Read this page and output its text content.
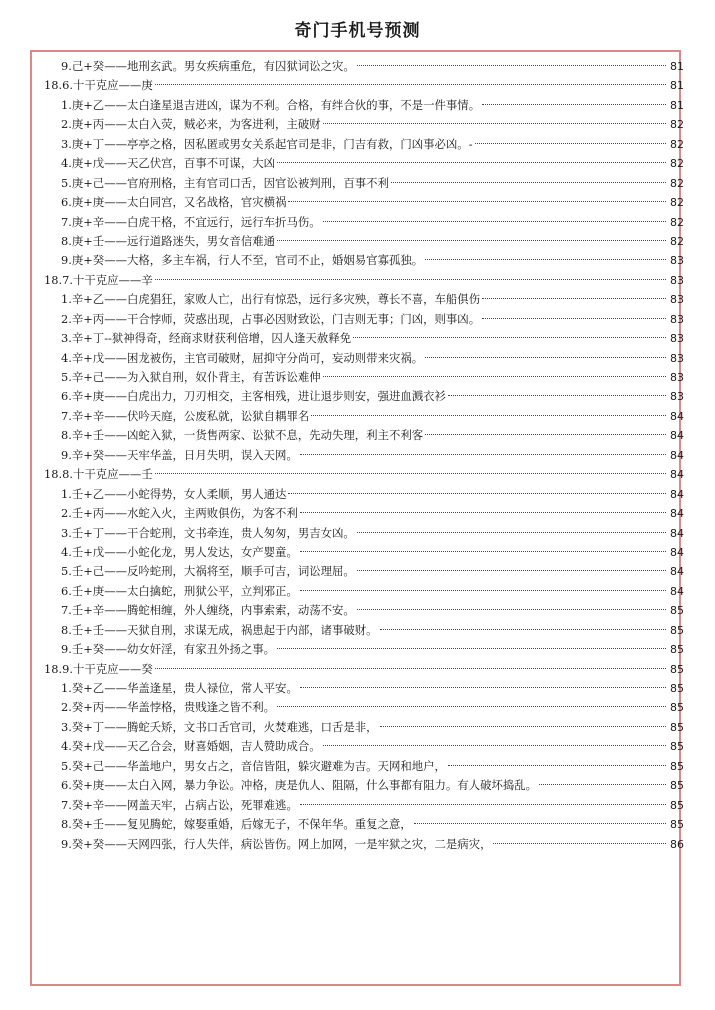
奇门手机号预测
9.己+癸——地刑玄武。男女疾病重危，有囚狱词讼之灾。	81
18.6.十干克应——庚	81
1.庚+乙——太白逢星退吉进凶，谋为不利。合格，有绊合伙的事，不是一件事情。	81
2.庚+丙——太白入荧，贼必来，为客进利，主破财	82
3.庚+丁——亭亭之格，因私匿或男女关系起官司是非，门吉有救，门凶事必凶。-	82
4.庚+戊——天乙伏宫，百事不可谋，大凶	82
5.庚+己——官府刑格，主有官司口舌，因官讼被判刑，百事不利	82
6.庚+庚——太白同宫，又名战格，官灾横祸	82
7.庚+辛——白虎干格，不宜远行，远行车折马伤。	82
8.庚+壬——远行道路迷失，男女音信难通	82
9.庚+癸——大格，多主车祸，行人不至，官司不止，婚姻易官寡孤独。	83
18.7.十干克应——辛	83
1.辛+乙——白虎猖狂，家败人亡，出行有惊恐，远行多灾殃，尊长不喜，车船俱伤	83
2.辛+丙——干合悖师，荧惑出现，占事必因财致讼，门吉则无事；门凶，则事凶。	83
3.辛+丁--狱神得奇，经商求财获利倍增，囚人逢天赦释免	83
4.辛+戊——困龙被伤，主官司破财，屈抑守分尚可，妄动则带来灾祸。	83
5.辛+己——为入狱自刑，奴仆背主，有苦诉讼难伸	83
6.辛+庚——白虎出力，刀刃相交，主客相残，进让退步则安，强进血溅衣衫	83
7.辛+辛——伏吟天庭，公废私就，讼狱自耦罪名	84
8.辛+壬——凶蛇入狱，一货售两家、讼狱不息，先动失理，利主不利客	84
9.辛+癸——天牢华盖，日月失明，误入天网。	84
18.8.十干克应——壬	84
1.壬+乙——小蛇得势，女人柔顺，男人通达	84
2.壬+丙——水蛇入火，主两败俱伤，为客不利	84
3.壬+丁——干合蛇刑，文书牵连，贵人匆匆，男吉女凶。	84
4.壬+戊——小蛇化龙，男人发达，女产婴童。	84
5.壬+己——反吟蛇刑，大祸将至，顺手可吉，词讼理屈。	84
6.壬+庚——太白擒蛇，刑狱公平，立判邪正。	84
7.壬+辛——腾蛇相缠，外人缠绕，内事索索，动荡不安。	85
8.壬+壬——天狱自刑，求谋无成，祸患起于内部，诸事破财。	85
9.壬+癸——幼女奸淫，有家丑外扬之事。	85
18.9.十干克应——癸	85
1.癸+乙——华盖逢星，贵人禄位，常人平安。	85
2.癸+丙——华盖悖格，贵贱逢之皆不利。	85
3.癸+丁——腾蛇夭矫，文书口舌官司，火焚难逃，口舌是非，	85
4.癸+戊——天乙合会，财喜婚姻，吉人赞助成合。	85
5.癸+己——华盖地户，男女占之，音信皆阻，躲灾避难为吉。天网和地户，	85
6.癸+庚——太白入网，暴力争讼。冲格，庚是仇人、阻隔，什么事都有阻力。有人破坏捣乱。	85
7.癸+辛——网盖天牢，占病占讼，死罪难逃。	85
8.癸+壬——复见腾蛇，嫁娶重婚，后嫁无子，不保年华。重复之意，	85
9.癸+癸——天网四张，行人失伴，病讼皆伤。网上加网，一是牢狱之灾，二是病灾，	86
